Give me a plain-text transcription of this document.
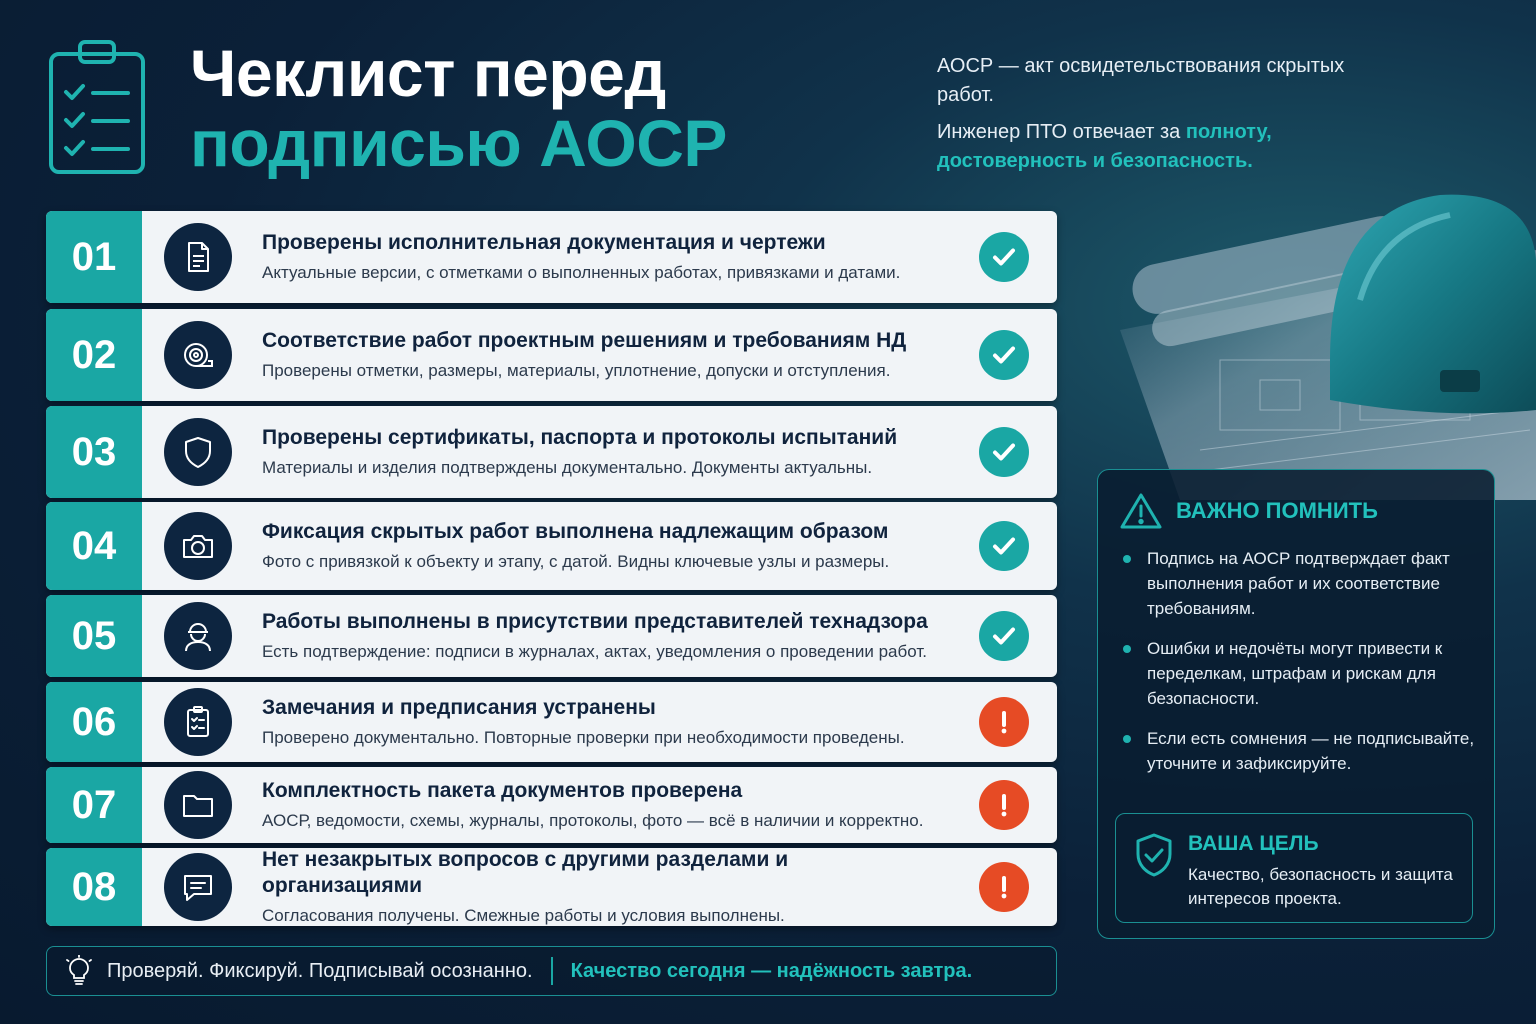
Чеклист перед
подписью АОСР

АОСР — акт освидетельствования скрытых работ.

Инженер ПТО отвечает за полноту, достоверность и безопасность.

01	Проверены исполнительная документация и чертежи
Актуальные версии, с отметками о выполненных работах, привязками и датами.
02	Соответствие работ проектным решениям и требованиям НД
Проверены отметки, размеры, материалы, уплотнение, допуски и отступления.
03	Проверены сертификаты, паспорта и протоколы испытаний
Материалы и изделия подтверждены документально. Документы актуальны.
04	Фиксация скрытых работ выполнена надлежащим образом
Фото с привязкой к объекту и этапу, с датой. Видны ключевые узлы и размеры.
05	Работы выполнены в присутствии представителей технадзора
Есть подтверждение: подписи в журналах, актах, уведомления о проведении работ.
06	Замечания и предписания устранены
Проверено документально. Повторные проверки при необходимости проведены.
07	Комплектность пакета документов проверена
АОСР, ведомости, схемы, журналы, протоколы, фото — всё в наличии и корректно.
08
Нет незакрытых вопросов с другими разделами и организациями
Согласования получены. Смежные работы и условия выполнены.
Проверяй. Фиксируй. Подписывай осознанно. Качество сегодня — надёжность завтра.
ВАЖНО ПОМНИТЬ
Подпись на АОСР подтверждает факт выполнения работ и их соответствие требованиям.
Ошибки и недочёты могут привести к переделкам, штрафам и рискам для безопасности.
Если есть сомнения — не подписывайте, уточните и зафиксируйте.
ВАША ЦЕЛЬ
Качество, безопасность и защита интересов проекта.
